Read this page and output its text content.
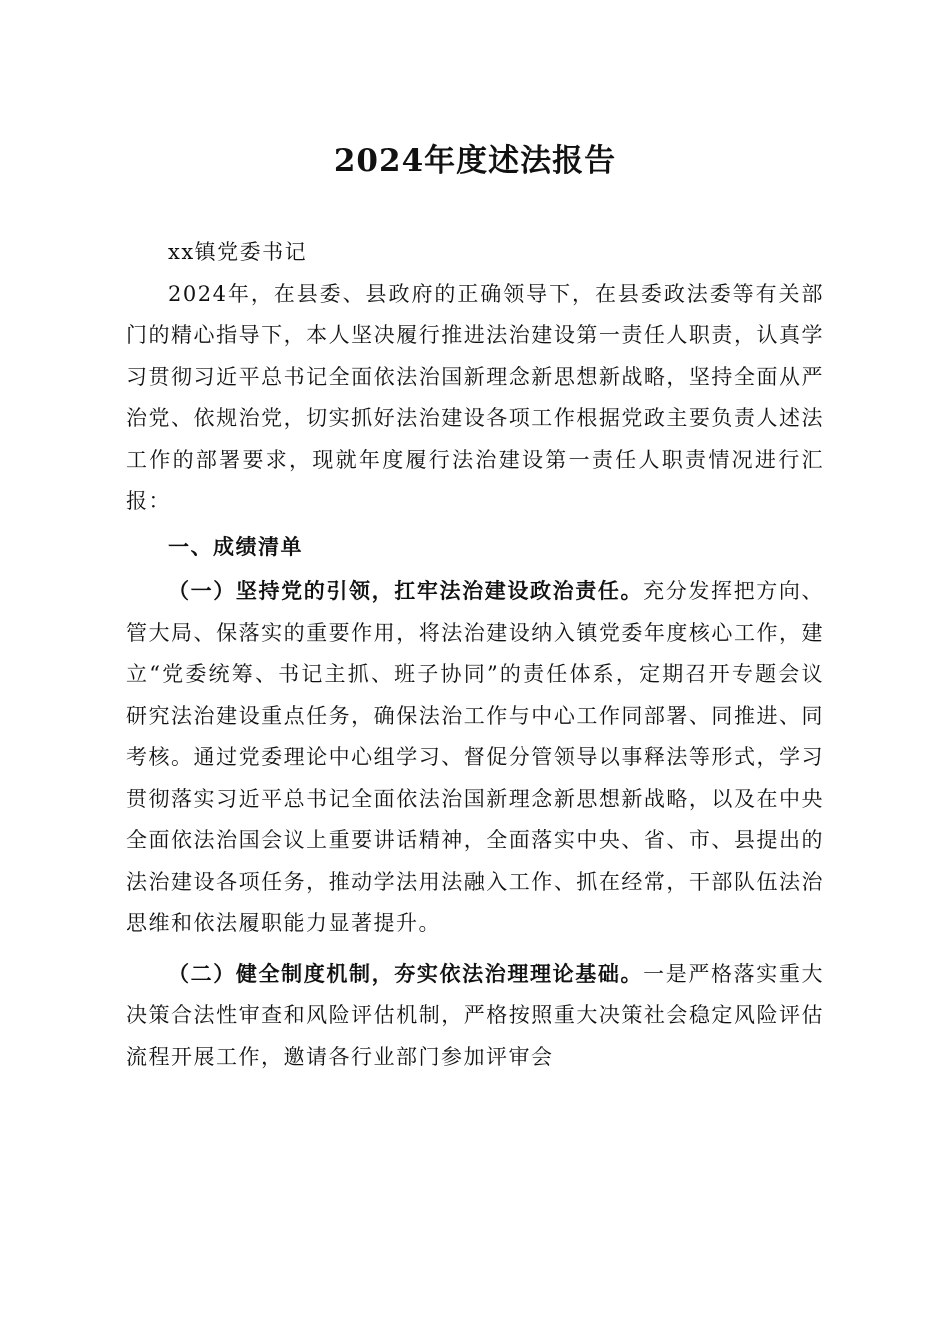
2024年度述法报告

xx镇党委书记

2024年，在县委、县政府的正确领导下，在县委政法委等有关部门的精心指导下，本人坚决履行推进法治建设第一责任人职责，认真学习贯彻习近平总书记全面依法治国新理念新思想新战略，坚持全面从严治党、依规治党，切实抓好法治建设各项工作根据党政主要负责人述法工作的部署要求，现就年度履行法治建设第一责任人职责情况进行汇报：

一、成绩清单

（一）坚持党的引领，扛牢法治建设政治责任。充分发挥把方向、管大局、保落实的重要作用，将法治建设纳入镇党委年度核心工作，建立“党委统筹、书记主抓、班子协同”的责任体系，定期召开专题会议研究法治建设重点任务，确保法治工作与中心工作同部署、同推进、同考核。通过党委理论中心组学习、督促分管领导以事释法等形式，学习贯彻落实习近平总书记全面依法治国新理念新思想新战略，以及在中央全面依法治国会议上重要讲话精神，全面落实中央、省、市、县提出的法治建设各项任务，推动学法用法融入工作、抓在经常，干部队伍法治思维和依法履职能力显著提升。

（二）健全制度机制，夯实依法治理理论基础。一是严格落实重大决策合法性审查和风险评估机制，严格按照重大决策社会稳定风险评估流程开展工作，邀请各行业部门参加评审会
